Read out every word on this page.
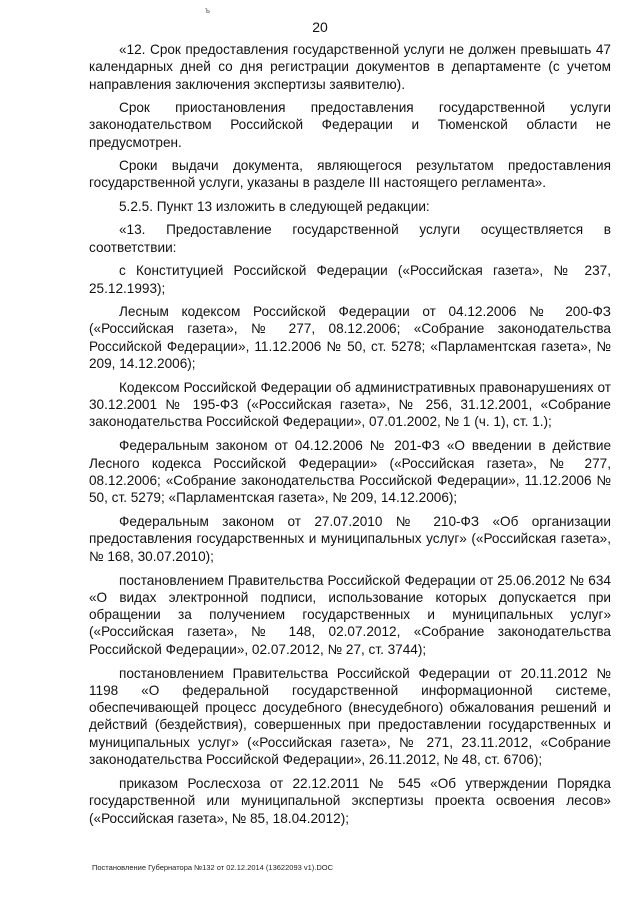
ъ
20

«12. Срок предоставления государственной услуги не должен превышать 47 календарных дней со дня регистрации документов в департаменте (с учетом направления заключения экспертизы заявителю).

Срок приостановления предоставления государственной услуги законодательством Российской Федерации и Тюменской области не предусмотрен.

Сроки выдачи документа, являющегося результатом предоставления государственной услуги, указаны в разделе III настоящего регламента».

5.2.5. Пункт 13 изложить в следующей редакции:

«13. Предоставление государственной услуги осуществляется в соответствии:

с Конституцией Российской Федерации («Российская газета», № 237, 25.12.1993);

Лесным кодексом Российской Федерации от 04.12.2006 № 200-ФЗ («Российская газета», № 277, 08.12.2006; «Собрание законодательства Российской Федерации», 11.12.2006 № 50, ст. 5278; «Парламентская газета», № 209, 14.12.2006);

Кодексом Российской Федерации об административных правонарушениях от 30.12.2001 № 195-ФЗ («Российская газета», № 256, 31.12.2001, «Собрание законодательства Российской Федерации», 07.01.2002, № 1 (ч. 1), ст. 1.);

Федеральным законом от 04.12.2006 № 201-ФЗ «О введении в действие Лесного кодекса Российской Федерации» («Российская газета», № 277, 08.12.2006; «Собрание законодательства Российской Федерации», 11.12.2006 № 50, ст. 5279; «Парламентская газета», № 209, 14.12.2006);

Федеральным законом от 27.07.2010 № 210-ФЗ «Об организации предоставления государственных и муниципальных услуг» («Российская газета», № 168, 30.07.2010);

постановлением Правительства Российской Федерации от 25.06.2012 № 634 «О видах электронной подписи, использование которых допускается при обращении за получением государственных и муниципальных услуг» («Российская газета», № 148, 02.07.2012, «Собрание законодательства Российской Федерации», 02.07.2012, № 27, ст. 3744);

постановлением Правительства Российской Федерации от 20.11.2012 № 1198 «О федеральной государственной информационной системе, обеспечивающей процесс досудебного (внесудебного) обжалования решений и действий (бездействия), совершенных при предоставлении государственных и муниципальных услуг» («Российская газета», № 271, 23.11.2012, «Собрание законодательства Российской Федерации», 26.11.2012, № 48, ст. 6706);

приказом Рослесхоза от 22.12.2011 № 545 «Об утверждении Порядка государственной или муниципальной экспертизы проекта освоения лесов» («Российская газета», № 85, 18.04.2012);

Постановление Губернатора №132 от 02.12.2014 (13622093 v1).DOC
